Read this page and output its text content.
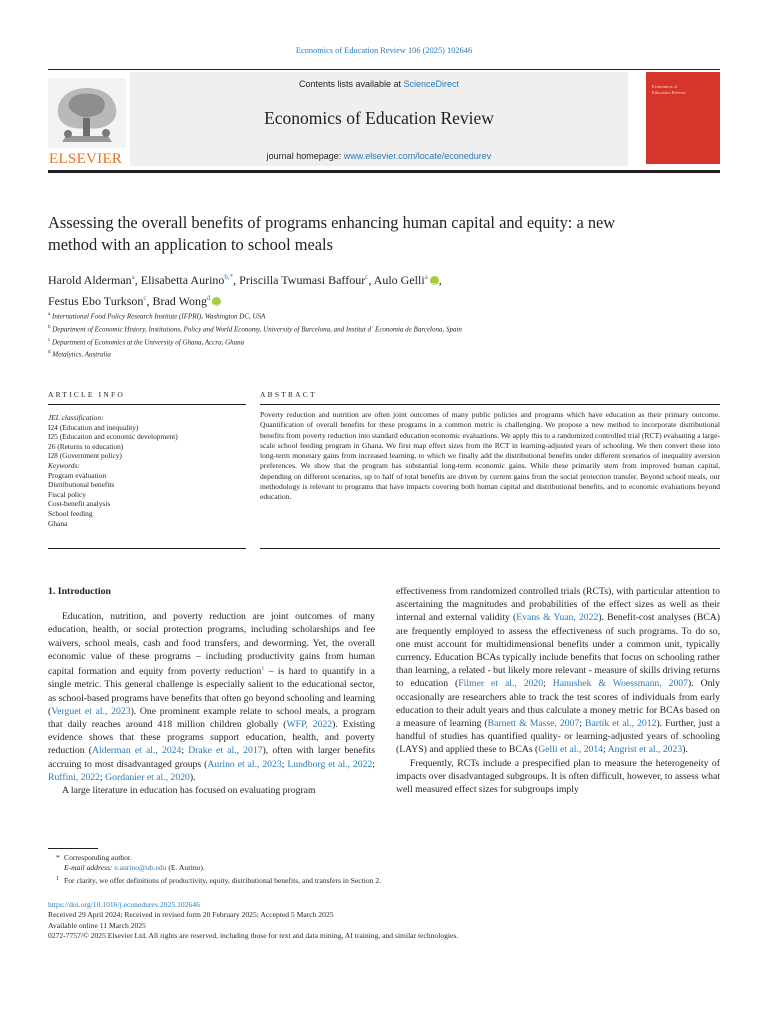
Economics of Education Review 106 (2025) 102646
ELSEVIER
Contents lists available at ScienceDirect
Economics of Education Review
journal homepage: www.elsevier.com/locate/econedurev
Economics of Education Review
Assessing the overall benefits of programs enhancing human capital and equity: a new method with an application to school meals
Harold Alderman$^a$, Elisabetta Aurino$^{b,*}$, Priscilla Twumasi Baffour$^c$, Aulo Gelli$^a$iD ,
Festus Ebo Turkson$^c$, Brad Wong$^d$iD
$^a$ International Food Policy Research Institute (IFPRI), Washington DC, USA
$^b$ Department of Economic History, Institutions, Policy and World Economy, University of Barcelona, and Institut d´ Economia de Barcelona, Spain
$^c$ Department of Economics at the University of Ghana, Accra, Ghana
$^d$ Metalytics, Australia
ARTICLE INFO	ABSTRACT
JEL classification:
I24 (Education and inequality)
I25 (Education and economic development)
26 (Returns to education)
I28 (Government policy)
Keywords:
Program evaluation
Distributional benefits
Fiscal policy
Cost-benefit analysis
School feeding
Ghana
Poverty reduction and nutrition are often joint outcomes of many public policies and programs which have education as their primary outcome. Quantification of overall benefits for these programs in a common metric is challenging. We propose a new method to incorporate distributional benefits from poverty reduction into standard education economic evaluations. We apply this to a randomized controlled trial (RCT) evaluating a large-scale school feeding program in Ghana. We first map effect sizes from the RCT in learning-adjusted years of schooling. We then convert these into long-term monetary gains from increased learning, to which we finally add the distributional benefits under different scenarios of inequality aversion preferences. We show that the program has substantial long-term economic gains. While these primarily stem from improved human capital, depending on different scenarios, up to half of total benefits are driven by current gains from the social protection transfer. Beyond school meals, our methodology is relevant to programs that have impacts covering both human capital and distributional benefits, and to economic evaluations beyond education.
1. Introduction

Education, nutrition, and poverty reduction are joint outcomes of many education, health, or social protection programs, including scholarships and fee waivers, school meals, cash and food transfers, and deworming. Yet, the overall economic value of these programs – including productivity gains from human capital formation and equity from poverty reduction$^1$ – is hard to quantify in a single metric. This general challenge is especially salient to the educational sector, as school-based programs have benefits that often go beyond schooling and learning (Verguet et al., 2023). One prominent example relate to school meals, a program that daily reaches around 418 million children globally (WFP, 2022). Existing evidence shows that these programs support education, health, and poverty reduction (Alderman et al., 2024; Drake et al., 2017), often with larger benefits accruing to most disadvantaged groups (Aurino et al., 2023; Lundborg et al., 2022; Ruffini, 2022; Gordanier et al., 2020).

A large literature in education has focused on evaluating program

effectiveness from randomized controlled trials (RCTs), with particular attention to ascertaining the magnitudes and probabilities of the effect sizes as well as their internal and external validity (Evans & Yuan, 2022). Benefit-cost analyses (BCA) are frequently employed to assess the effectiveness of such programs. To do so, one must account for multidimensional benefits under a common unit, typically currency. Education BCAs typically include benefits that focus on schooling rather than learning, a related - but likely more relevant - measure of skills driving returns to education (Filmer et al., 2020; Hanushek & Woessmann, 2007). Only occasionally are researchers able to track the test scores of individuals from early education to their adult years and thus calculate a money metric for BCAs based on a measure of learning (Barnett & Masse, 2007; Bartik et al., 2012). Further, just a handful of studies has quantified quality- or learning-adjusted years of schooling (LAYS) and applied these to BCAs (Gelli et al., 2014; Angrist et al., 2023).

Frequently, RCTs include a prespecified plan to measure the heterogeneity of impacts over disadvantaged subgroups. It is often difficult, however, to assess what well measured effect sizes for subgroups imply

* Corresponding author.
E-mail address: e.aurino@ub.edu (E. Aurino).
1 For clarity, we offer definitions of productivity, equity, distributional benefits, and transfers in Section 2.
https://doi.org/10.1016/j.econedurev.2025.102646
Received 29 April 2024; Received in revised form 20 February 2025; Accepted 5 March 2025
Available online 11 March 2025
0272-7757/© 2025 Elsevier Ltd. All rights are reserved, including those for text and data mining, AI training, and similar technologies.
